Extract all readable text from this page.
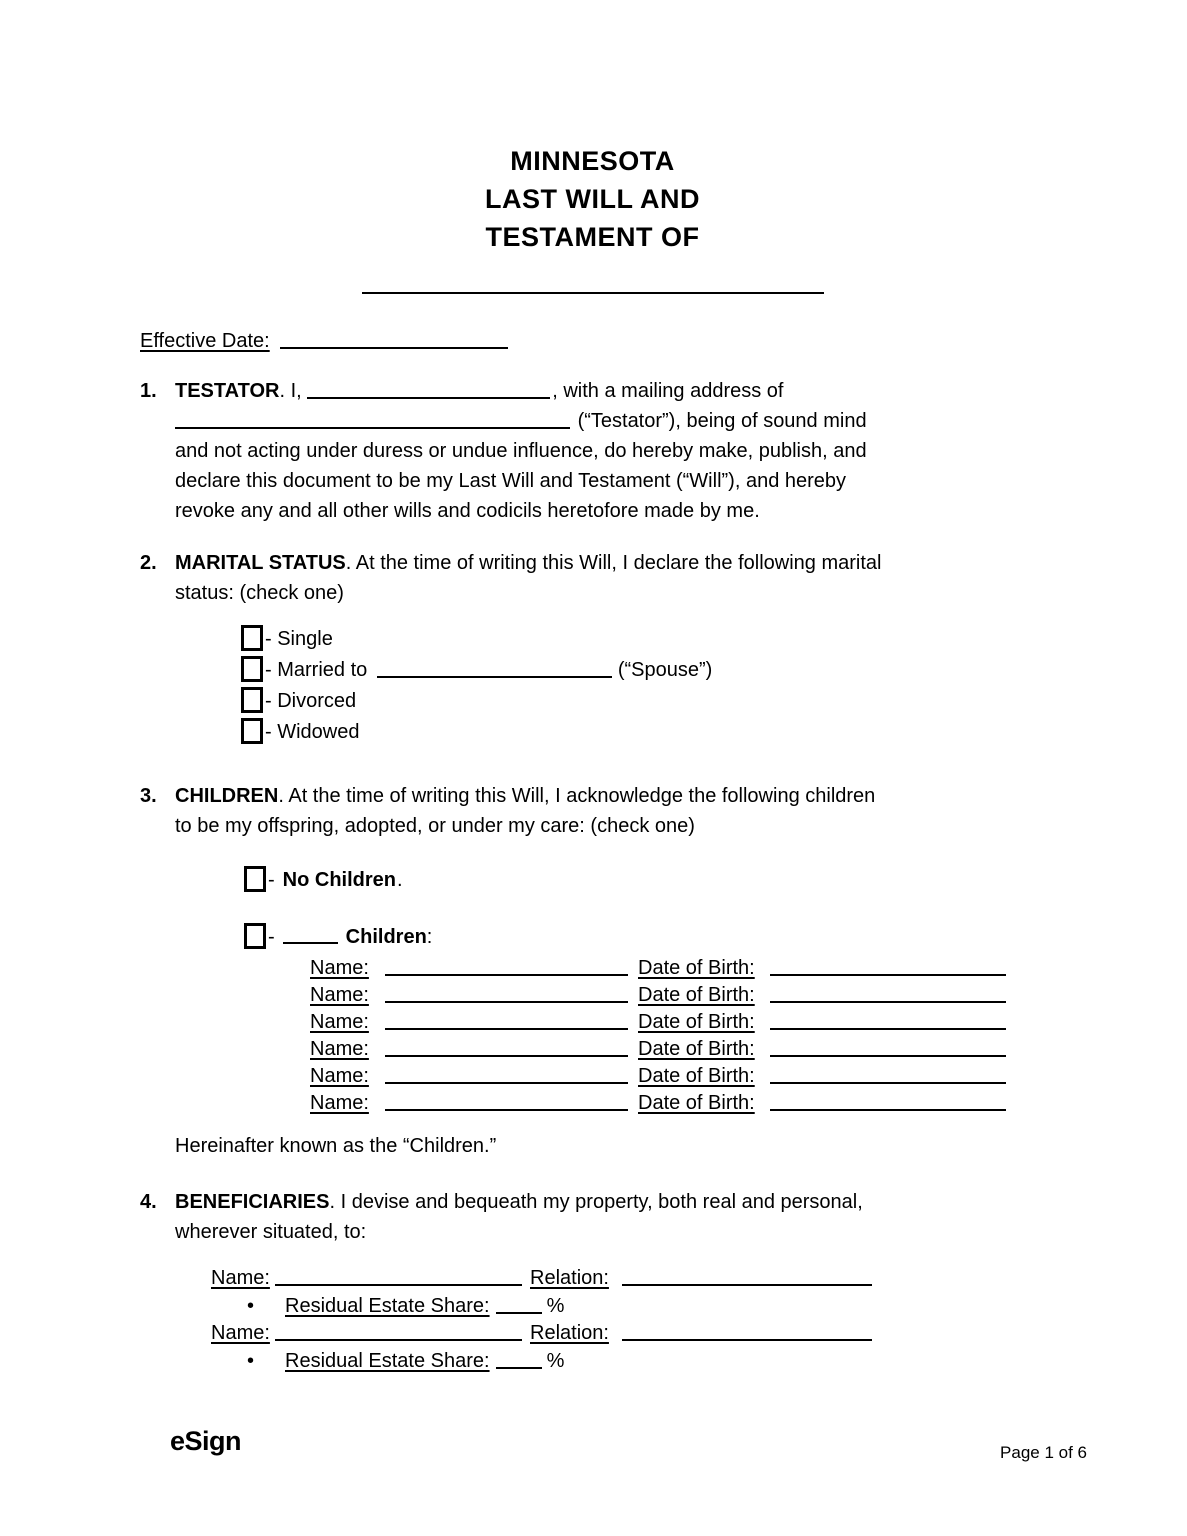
MINNESOTA
LAST WILL AND
TESTAMENT OF
Effective Date:
1. TESTATOR. I,	, with a mailing address of
(“Testator”), being of sound mind
and not acting under duress or undue influence, do hereby make, publish, and
declare this document to be my Last Will and Testament (“Will”), and hereby
revoke any and all other wills and codicils heretofore made by me.
2. MARITAL STATUS. At the time of writing this Will, I declare the following marital
status: (check one)
- Single
- Married to	(“Spouse”)
- Divorced
- Widowed
3. CHILDREN. At the time of writing this Will, I acknowledge the following children
to be my offspring, adopted, or under my care: (check one)
- No Children.
-	Children:
Name:	Date of Birth:
Name:	Date of Birth:
Name:	Date of Birth:
Name:	Date of Birth:
Name:	Date of Birth:
Name:	Date of Birth:
Hereinafter known as the “Children.”
4. BENEFICIARIES. I devise and bequeath my property, both real and personal,
wherever situated, to:
Name:	Relation:
• Residual Estate Share:	%
Name:	Relation:
• Residual Estate Share:	%
eSign	Page 1 of 6
